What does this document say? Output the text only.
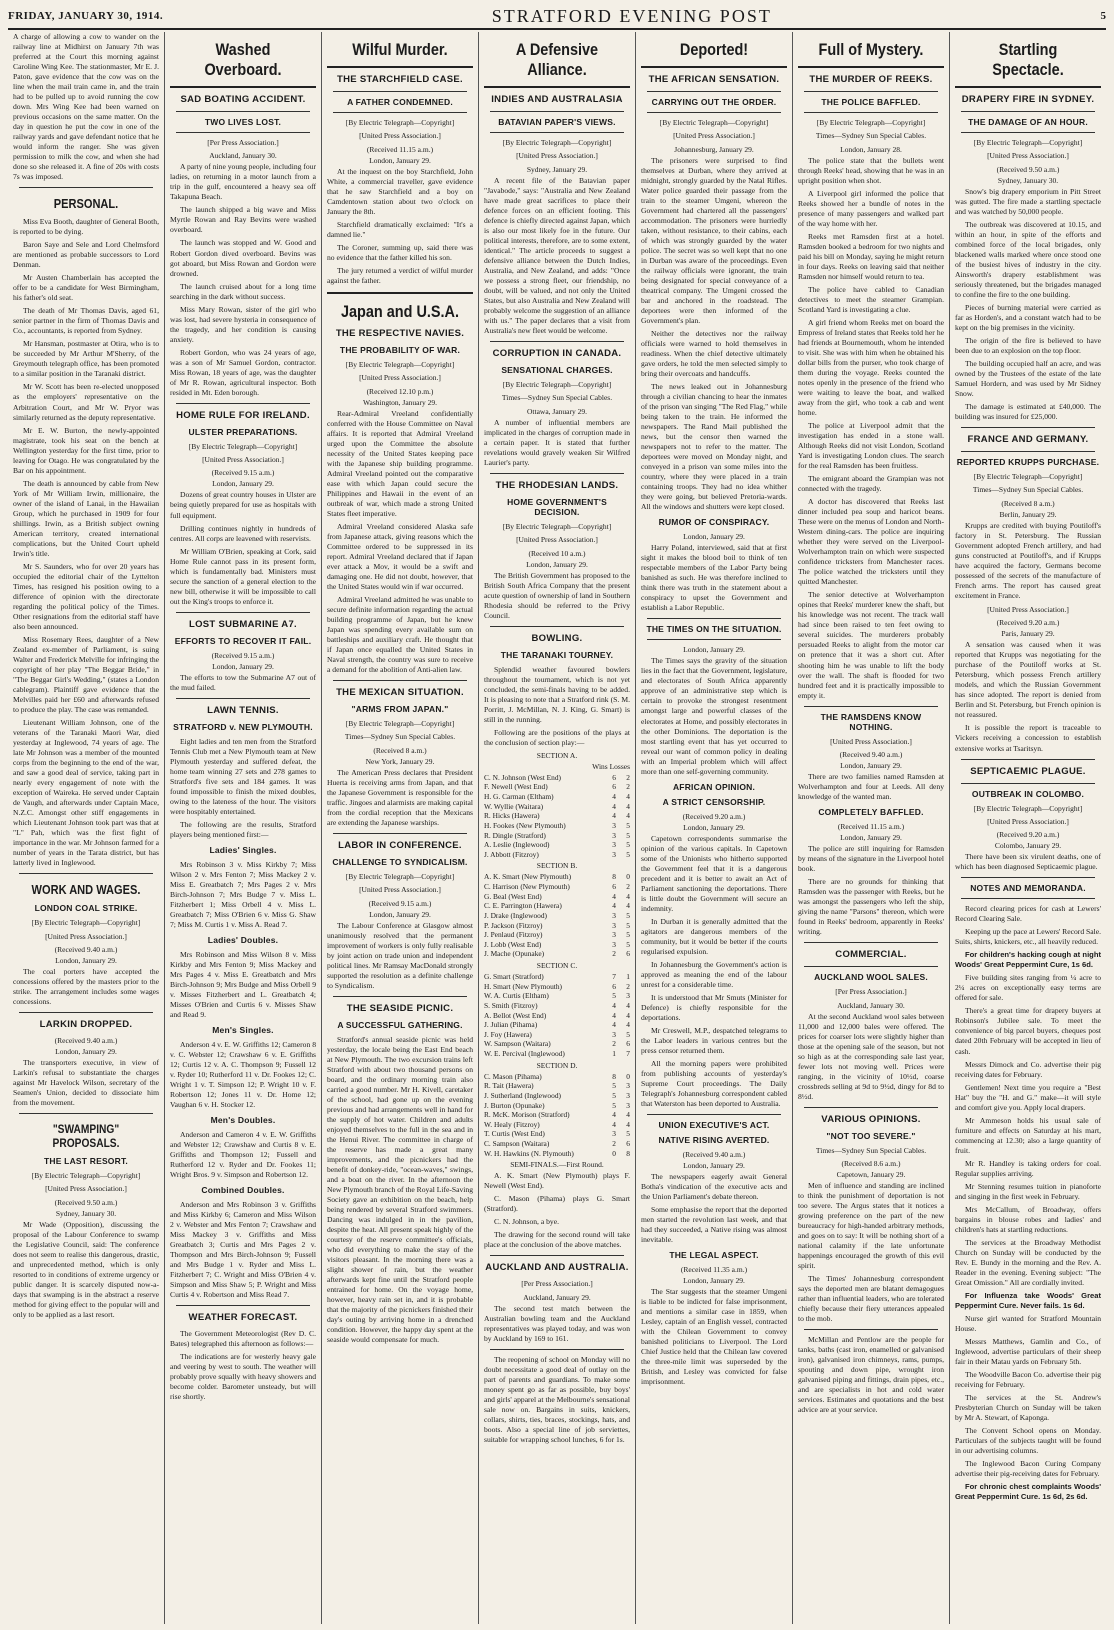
FRIDAY, JANUARY 30, 1914.	STRATFORD EVENING POST	5

A charge of allowing a cow to wander on the railway line at Midhirst on January 7th was preferred at the Court this morning against Caroline Wing Kee. The stationmaster, Mr E. J. Paton, gave evidence that the cow was on the line when the mail train came in, and the train had to be pulled up to avoid running the cow down. Mrs Wing Kee had been warned on previous occasions on the same matter. On the day in question he put the cow in one of the railway yards and gave defendant notice that he would inform the ranger. She was given permission to milk the cow, and when she had done so she released it. A fine of 20s with costs 7s was imposed.

PERSONAL.

Miss Eva Booth, daughter of General Booth, is reported to be dying.

Baron Saye and Sele and Lord Chelmsford are mentioned as probable successors to Lord Denman.

Mr Austen Chamberlain has accepted the offer to be a candidate for West Birmingham, his father's old seat.

The death of Mr Thomas Davis, aged 61, senior partner in the firm of Thomas Davis and Co., accountants, is reported from Sydney.

Mr Hansman, postmaster at Otira, who is to be succeeded by Mr Arthur M'Sherry, of the Greymouth telegraph office, has been promoted to a similar position in the Taranaki district.

Mr W. Scott has been re-elected unopposed as the employers' representative on the Arbitration Court, and Mr W. Pryor was similarly returned as the deputy representative.

Mr E. W. Burton, the newly-appointed magistrate, took his seat on the bench at Wellington yesterday for the first time, prior to leaving for Otago. He was congratulated by the Bar on his appointment.

The death is announced by cable from New York of Mr William Irwin, millionaire, the owner of the island of Lanai, in the Hawaiian Group, which he purchased in 1909 for four shillings. Irwin, as a British subject owning American territory, created international complications, but the United Court upheld Irwin's title.

Mr S. Saunders, who for over 20 years has occupied the editorial chair of the Lyttelton Times, has resigned his position owing to a difference of opinion with the directorate regarding the political policy of the Times. Other resignations from the editorial staff have also been announced.

Miss Rosemary Rees, daughter of a New Zealand ex-member of Parliament, is suing Walter and Frederick Melville for infringing the copyright of her play "The Beggar Bride," in "The Beggar Girl's Wedding," (states a London cablegram). Plaintiff gave evidence that the Melvilles paid her £60 and afterwards refused to produce the play. The case was remanded.

Lieutenant William Johnson, one of the veterans of the Taranaki Maori War, died yesterday at Inglewood, 74 years of age. The late Mr Johnson was a member of the mounted corps from the beginning to the end of the war, and saw a good deal of service, taking part in nearly every engagement of note with the exception of Waireka. He served under Captain de Vaugh, and afterwards under Captain Mace, N.Z.C. Amongst other stiff engagements in which Lieutenant Johnson took part was that at "L" Pah, which was the first fight of importance in the war. Mr Johnson farmed for a number of years in the Tarata district, but has latterly lived in Inglewood.

WORK AND WAGES.
LONDON COAL STRIKE.
[By Electric Telegraph—Copyright]
[United Press Association.]
(Received 9.40 a.m.)
London, January 29.

The coal porters have accepted the concessions offered by the masters prior to the strike. The arrangement includes some wages concessions.

LARKIN DROPPED.
(Received 9.40 a.m.)
London, January 29.

The transporters executive, in view of Larkin's refusal to substantiate the charges against Mr Havelock Wilson, secretary of the Seamen's Union, decided to dissociate him from the movement.

"SWAMPING" PROPOSALS.
THE LAST RESORT.
[By Electric Telegraph—Copyright]
[United Press Association.]
(Received 9.50 a.m.)
Sydney, January 30.

Mr Wade (Opposition), discussing the proposal of the Labour Conference to swamp the Legislative Council, said: The conference does not seem to realise this dangerous, drastic, and unprecedented method, which is only resorted to in conditions of extreme urgency or public danger. It is scarcely disputed now-a-days that swamping is in the abstract a reserve method for giving effect to the popular will and only to be applied as a last resort.

Washed Overboard.
SAD BOATING ACCIDENT.
TWO LIVES LOST.
[Per Press Association.]
Auckland, January 30.

A party of nine young people, including four ladies, on returning in a motor launch from a trip in the gulf, encountered a heavy sea off Takapuna Beach.

The launch shipped a big wave and Miss Myrtle Rowan and Ray Bevins were washed overboard.

The launch was stopped and W. Good and Robert Gordon dived overboard. Bevins was got aboard, but Miss Rowan and Gordon were drowned.

The launch cruised about for a long time searching in the dark without success.

Miss Mary Rowan, sister of the girl who was lost, had severe hysteria in consequence of the tragedy, and her condition is causing anxiety.

Robert Gordon, who was 24 years of age, was a son of Mr Samuel Gordon, contractor. Miss Rowan, 18 years of age, was the daughter of Mr R. Rowan, agricultural inspector. Both resided in Mt. Eden borough.

HOME RULE FOR IRELAND.
ULSTER PREPARATIONS.
[By Electric Telegraph—Copyright]
[United Press Association.]
(Received 9.15 a.m.)
London, January 29.

Dozens of great country houses in Ulster are being quietly prepared for use as hospitals with full equipment.

Drilling continues nightly in hundreds of centres. All corps are leavened with reservists.

Mr William O'Brien, speaking at Cork, said Home Rule cannot pass in its present form, which is fundamentally bad. Ministers must secure the sanction of a general election to the new bill, otherwise it will be impossible to call out the King's troops to enforce it.

LOST SUBMARINE A7.
EFFORTS TO RECOVER IT FAIL.
(Received 9.15 a.m.)
London, January 29.

The efforts to tow the Submarine A7 out of the mud failed.

LAWN TENNIS.
STRATFORD v. NEW PLYMOUTH.

Eight ladies and ten men from the Stratford Tennis Club met a New Plymouth team at New Plymouth yesterday and suffered defeat, the home team winning 27 sets and 278 games to Stratford's five sets and 184 games. It was found impossible to finish the mixed doubles, owing to the lateness of the hour. The visitors were hospitably entertained.

The following are the results, Stratford players being mentioned first:—

Ladies' Singles.

Mrs Robinson 3 v. Miss Kirkby 7; Miss Wilson 2 v. Mrs Fenton 7; Miss Mackey 2 v. Miss E. Greatbatch 7; Mrs Pages 2 v. Mrs Birch-Johnson 7; Mrs Budge 7 v. Miss L. Fitzherbert 1; Miss Orbell 4 v. Miss L. Greatbatch 7; Miss O'Brien 6 v. Miss G. Shaw 7; Miss M. Curtis 1 v. Miss A. Read 7.

Ladies' Doubles.

Mrs Robinson and Miss Wilson 8 v. Miss Kirkby and Mrs Fenton 9; Miss Mackey and Mrs Pages 4 v. Miss E. Greatbatch and Mrs Birch-Johnson 9; Mrs Budge and Miss Orbell 9 v. Misses Fitzherbert and L. Greatbatch 4; Misses O'Brien and Curtis 6 v. Misses Shaw and Read 9.

Men's Singles.

Anderson 4 v. E. W. Griffiths 12; Cameron 8 v. C. Webster 12; Crawshaw 6 v. E. Griffiths 12; Curtis 12 v. A. C. Thompson 9; Fussell 12 v. Ryder 10; Rutherford 11 v. Dr. Fookes 12; C. Wright 1 v. T. Simpson 12; P. Wright 10 v. F. Robertson 12; Jones 11 v. Dr. Home 12; Vaughan 6 v. H. Stocker 12.

Men's Doubles.

Anderson and Cameron 4 v. E. W. Griffiths and Webster 12; Crawshaw and Curtis 8 v. E. Griffiths and Thompson 12; Fussell and Rutherford 12 v. Ryder and Dr. Fookes 11; Wright Bros. 9 v. Simpson and Robertson 12.

Combined Doubles.

Anderson and Mrs Robinson 3 v. Griffiths and Miss Kirkby 6; Cameron and Miss Wilson 2 v. Webster and Mrs Fenton 7; Crawshaw and Miss Mackey 3 v. Griffiths and Miss Greatbatch 3; Curtis and Mrs Pages 2 v. Thompson and Mrs Birch-Johnson 9; Fussell and Mrs Budge 1 v. Ryder and Miss L. Fitzherbert 7; C. Wright and Miss O'Brien 4 v. Simpson and Miss Shaw 5; P. Wright and Miss Curtis 4 v. Robertson and Miss Read 7.

WEATHER FORECAST.

The Government Meteorologist (Rev D. C. Bates) telegraphed this afternoon as follows:—

The indications are for westerly heavy gale and veering by west to south. The weather will probably prove squally with heavy showers and become colder. Barometer unsteady, but will rise shortly.

Wilful Murder.
THE STARCHFIELD CASE.
A FATHER CONDEMNED.
[By Electric Telegraph—Copyright]
[United Press Association.]
(Received 11.15 a.m.)
London, January 29.

At the inquest on the boy Starchfield, John White, a commercial traveller, gave evidence that he saw Starchfield and a boy on Camdentown station about two o'clock on January the 8th.

Starchfield dramatically exclaimed: "It's a damned lie."

The Coroner, summing up, said there was no evidence that the father killed his son.

The jury returned a verdict of wilful murder against the father.

Japan and U.S.A.
THE RESPECTIVE NAVIES.
THE PROBABILITY OF WAR.
[By Electric Telegraph—Copyright]
[United Press Association.]
(Received 12.10 p.m.)
Washington, January 29.

Rear-Admiral Vreeland confidentially conferred with the House Committee on Naval affairs. It is reported that Admiral Vreeland urged upon the Committee the absolute necessity of the United States keeping pace with the Japanese ship building programme. Admiral Vreeland pointed out the comparative ease with which Japan could secure the Philippines and Hawaii in the event of an outbreak of war, which made a strong United States fleet imperative.

Admiral Vreeland considered Alaska safe from Japanese attack, giving reasons which the Committee ordered to be suppressed in its report. Admiral Vreeland declared that if Japan ever attack a Mov, it would be a swift and damaging one. He did not doubt, however, that the United States would win if war occurred.

Admiral Vreeland admitted he was unable to secure definite information regarding the actual building programme of Japan, but he knew Japan was spending every available sum on battleships and auxiliary craft. He thought that if Japan once equalled the United States in Naval strength, the country was sure to receive a demand for the abolition of Anti-alien law.

THE MEXICAN SITUATION.
"ARMS FROM JAPAN."
[By Electric Telegraph—Copyright]
Times—Sydney Sun Special Cables.
(Received 8 a.m.)
New York, January 29.

The American Press declares that President Huerta is receiving arms from Japan, and that the Japanese Government is responsible for the traffic. Jingoes and alarmists are making capital from the cordial reception that the Mexicans are extending the Japanese warships.

LABOR IN CONFERENCE.
CHALLENGE TO SYNDICALISM.
[By Electric Telegraph—Copyright]
[United Press Association.]
(Received 9.15 a.m.)
London, January 29.

The Labour Conference at Glasgow almost unanimously resolved that the permanent improvement of workers is only fully realisable by joint action on trade union and independent political lines. Mr Ramsay MacDonald strongly supported the resolution as a definite challenge to Syndicalism.

THE SEASIDE PICNIC.
A SUCCESSFUL GATHERING.

Stratford's annual seaside picnic was held yesterday, the locale being the East End beach at New Plymouth. The two excursion trains left Stratford with about two thousand persons on board, and the ordinary morning train also carried a good number. Mr H. Kivell, caretaker of the school, had gone up on the evening previous and had arrangements well in hand for the supply of hot water. Children and adults enjoyed themselves to the full in the sea and in the Henui River. The committee in charge of the reserve has made a great many improvements, and the picnickers had the benefit of donkey-ride, "ocean-waves," swings, and a boat on the river. In the afternoon the New Plymouth branch of the Royal Life-Saving Society gave an exhibition on the beach, help being rendered by several Stratford swimmers. Dancing was indulged in in the pavilion, despite the heat. All present speak highly of the courtesy of the reserve committee's officials, who did everything to make the stay of the visitors pleasant. In the morning there was a slight shower of rain, but the weather afterwards kept fine until the Stratford people entrained for home. On the voyage home, however, heavy rain set in, and it is probable that the majority of the picnickers finished their day's outing by arriving home in a drenched condition. However, the happy day spent at the seaside would compensate for much.

A Defensive Alliance.
INDIES AND AUSTRALASIA
BATAVIAN PAPER'S VIEWS.
[By Electric Telegraph—Copyright]
[United Press Association.]
Sydney, January 29.

A recent file of the Batavian paper "Javabode," says: "Australia and New Zealand have made great sacrifices to place their defence forces on an efficient footing. This defence is chiefly directed against Japan, which is also our most likely foe in the future. Our political interests, therefore, are to some extent, identical." The article proceeds to suggest a defensive alliance between the Dutch Indies, Australia, and New Zealand, and adds: "Once we possess a strong fleet, our friendship, no doubt, will be valued, and not only the United States, but also Australia and New Zealand will probably welcome the suggestion of an alliance with us." The paper declares that a visit from Australia's new fleet would be welcome.

CORRUPTION IN CANADA.
SENSATIONAL CHARGES.
[By Electric Telegraph—Copyright]
Times—Sydney Sun Special Cables.
Ottawa, January 29.

A number of influential members are implicated in the charges of corruption made in a certain paper. It is stated that further revelations would gravely weaken Sir Wilfred Laurier's party.

THE RHODESIAN LANDS.
HOME GOVERNMENT'S DECISION.
[By Electric Telegraph—Copyright]
[United Press Association.]
(Received 10 a.m.)
London, January 29.

The British Government has proposed to the British South Africa Company that the present acute question of ownership of land in Southern Rhodesia should be referred to the Privy Council.

BOWLING.
THE TARANAKI TOURNEY.

Splendid weather favoured bowlers throughout the tournament, which is not yet concluded, the semi-finals having to be added. It is pleasing to note that a Stratford rink (S. M. Porritt, J. McMillan, N. J. King, G. Smart) is still in the running.

Following are the positions of the plays at the conclusion of section play:—

SECTION A.
Wins Losses
C. N. Johnson (West End)	6	2
F. Newell (West End)	6	2
H. G. Carman (Eltham)	4	4
W. Wyllie (Waitara)	4	4
R. Hicks (Hawera)	4	4
H. Fookes (New Plymouth)	3	5
R. Dingle (Stratford)	3	5
A. Leslie (Inglewood)	3	5
J. Abbott (Fitzroy)	3	5
SECTION B.
A. K. Smart (New Plymouth)	8	0
C. Harrison (New Plymouth)	6	2
G. Beal (West End)	4	4
C. E. Parrington (Hawera)	4	4
J. Drake (Inglewood)	3	5
P. Jackson (Fitzroy)	3	5
J. Penlaud (Fitzroy)	3	5
J. Lobb (West End)	3	5
J. Mache (Opunake)	2	6
SECTION C.
G. Smart (Stratford)	7	1
H. Smart (New Plymouth)	6	2
W. A. Curtis (Eltham)	5	3
S. Smith (Fitzroy)	4	4
A. Bellot (West End)	4	4
J. Julian (Pihama)	4	4
J. Foy (Hawera)	3	5
W. Sampson (Waitara)	2	6
W. E. Percival (Inglewood)	1	7
SECTION D.
C. Mason (Pihama)	8	0
R. Tait (Hawera)	5	3
J. Sutherland (Inglewood)	5	3
J. Burton (Opunake)	5	3
R. McK. Morison (Stratford)	4	4
W. Healy (Fitzroy)	4	4
T. Curtis (West End)	3	5
C. Sampson (Waitara)	2	6
W. H. Hawkins (N. Plymouth)	0	8
SEMI-FINALS.—First Round.

A. K. Smart (New Plymouth) plays F. Newell (West End).

C. Mason (Pihama) plays G. Smart (Stratford).

C. N. Johnson, a bye.

The drawing for the second round will take place at the conclusion of the above matches.

AUCKLAND AND AUSTRALIA.
[Per Press Association.]
Auckland, January 29.

The second test match between the Australian bowling team and the Auckland representatives was played today, and was won by Auckland by 169 to 161.

The reopening of school on Monday will no doubt necessitate a good deal of outlay on the part of parents and guardians. To make some money spent go as far as possible, buy boys' and girls' apparel at the Melbourne's sensational sale now on. Bargains in suits, knickers, collars, shirts, ties, braces, stockings, hats, and boots. Also a special line of job serviettes, suitable for wrapping school lunches, 6 for 1s.

Deported!
THE AFRICAN SENSATION.
CARRYING OUT THE ORDER.
[By Electric Telegraph—Copyright]
[United Press Association.]
Johannesburg, January 29.

The prisoners were surprised to find themselves at Durban, where they arrived at midnight, strongly guarded by the Natal Rifles. Water police guarded their passage from the train to the steamer Umgeni, whereon the Government had chartered all the passengers' accommodation. The prisoners were hurriedly taken, without resistance, to their cabins, each of which was strongly guarded by the water police. The secret was so well kept that no one in Durban was aware of the proceedings. Even the railway officials were ignorant, the train being designated for special conveyance of a theatrical company. The Umgeni crossed the bar and anchored in the roadstead. The deportees were then informed of the Government's plan.

Neither the detectives nor the railway officials were warned to hold themselves in readiness. When the chief detective ultimately gave orders, he told the men selected simply to bring their overcoats and handcuffs.

The news leaked out in Johannesburg through a civilian chancing to hear the inmates of the prison van singing "The Red Flag," while being taken to the train. He informed the newspapers. The Rand Mail published the news, but the censor then warned the newspapers not to refer to the matter. The deportees were moved on Monday night, and conveyed in a prison van some miles into the country, where they were placed in a train containing troops. They had no idea whither they were going, but believed Pretoria-wards. All the windows and shutters were kept closed.

RUMOR OF CONSPIRACY.
London, January 29.

Harry Poland, interviewed, said that at first sight it makes the blood boil to think of ten respectable members of the Labor Party being banished as such. He was therefore inclined to think there was truth in the statement about a conspiracy to upset the Government and establish a Labor Republic.

THE TIMES ON THE SITUATION.
London, January 29.

The Times says the gravity of the situation lies in the fact that the Government, legislature, and electorates of South Africa apparently approve of an administrative step which is certain to provoke the strongest resentment amongst large and powerful classes of the electorates at Home, and possibly electorates in the other Dominions. The deportation is the most startling event that has yet occurred to reveal our want of common policy in dealing with an Imperial problem which will affect more than one self-governing community.

AFRICAN OPINION.
A STRICT CENSORSHIP.
(Received 9.20 a.m.)
London, January 29.

Capetown correspondents summarise the opinion of the various capitals. In Capetown some of the Unionists who hitherto supported the Government feel that it is a dangerous precedent and it is better to await an Act of Parliament sanctioning the deportations. There is little doubt the Government will secure an indemnity.

In Durban it is generally admitted that the agitators are dangerous members of the community, but it would be better if the courts regularised expulsion.

In Johannesburg the Government's action is approved as meaning the end of the labour unrest for a considerable time.

It is understood that Mr Smuts (Minister for Defence) is chiefly responsible for the deportations.

Mr Creswell, M.P., despatched telegrams to the Labor leaders in various centres but the press censor returned them.

All the morning papers were prohibited from publishing accounts of yesterday's Supreme Court proceedings. The Daily Telegraph's Johannesburg correspondent cabled that Waterston has been deported to Australia.

UNION EXECUTIVE'S ACT.
NATIVE RISING AVERTED.
(Received 9.40 a.m.)
London, January 29.

The newspapers eagerly await General Botha's vindication of the executive acts and the Union Parliament's debate thereon.

Some emphasise the report that the deported men started the revolution last week, and that had they succeeded, a Native rising was almost inevitable.

THE LEGAL ASPECT.
(Received 11.35 a.m.)
London, January 29.

The Star suggests that the steamer Umgeni is liable to be indicted for false imprisonment, and mentions a similar case in 1859, when Lesley, captain of an English vessel, contracted with the Chilean Government to convey banished politicians to Liverpool. The Lord Chief Justice held that the Chilean law covered the three-mile limit was superseded by the British, and Lesley was convicted for false imprisonment.

Full of Mystery.
THE MURDER OF REEKS.
THE POLICE BAFFLED.
[By Electric Telegraph—Copyright]
Times—Sydney Sun Special Cables.
London, January 28.

The police state that the bullets went through Reeks' head, showing that he was in an upright position when shot.

A Liverpool girl informed the police that Reeks showed her a bundle of notes in the presence of many passengers and walked part of the way home with her.

Reeks met Ramsden first at a hotel. Ramsden booked a bedroom for two nights and paid his bill on Monday, saying he might return in four days. Reeks on leaving said that neither Ramsden nor himself would return to tea.

The police have cabled to Canadian detectives to meet the steamer Grampian. Scotland Yard is investigating a clue.

A girl friend whom Reeks met on board the Empress of Ireland states that Reeks told her he had friends at Bournemouth, whom he intended to visit. She was with him when he obtained his dollar bills from the purser, who took charge of them during the voyage. Reeks counted the notes openly in the presence of the friend who were waiting to leave the boat, and walked away from the girl, who took a cab and went home.

The police at Liverpool admit that the investigation has ended in a stone wall. Although Reeks did not visit London, Scotland Yard is investigating London clues. The search for the real Ramsden has been fruitless.

The emigrant aboard the Grampian was not connected with the tragedy.

A doctor has discovered that Reeks last dinner included pea soup and haricot beans. These were on the menus of London and North-Western dining-cars. The police are inquiring whether they were served on the Liverpool-Wolverhampton train on which were suspected confidence tricksters from Manchester races. The police watched the tricksters until they quitted Manchester.

The senior detective at Wolverhampton opines that Reeks' murderer knew the shaft, but his knowledge was not recent. The track wall had since been raised to ten feet owing to several suicides. The murderers probably persuaded Reeks to alight from the motor car on pretence that it was a short cut. After shooting him he was unable to lift the body over the wall. The shaft is flooded for two hundred feet and it is practically impossible to empty it.

THE RAMSDENS KNOW NOTHING.
[United Press Association.]
(Received 9.40 a.m.)
London, January 29.

There are two families named Ramsden at Wolverhampton and four at Leeds. All deny knowledge of the wanted man.

COMPLETELY BAFFLED.
(Received 11.15 a.m.)
London, January 29.

The police are still inquiring for Ramsden by means of the signature in the Liverpool hotel book.

There are no grounds for thinking that Ramsden was the passenger with Reeks, but he was amongst the passengers who left the ship, giving the name "Parsons" thereon, which were found in Reeks' bedroom, apparently in Reeks' writing.

COMMERCIAL.
AUCKLAND WOOL SALES.
[Per Press Association.]
Auckland, January 30.

At the second Auckland wool sales between 11,000 and 12,000 bales were offered. The prices for coarser lots were slightly higher than those at the opening sale of the season, but not so high as at the corresponding sale last year, fewer lots not moving well. Prices were ranging, in the vicinity of 10½d, coarse crossbreds selling at 9d to 9½d, dingy for 8d to 8½d.

VARIOUS OPINIONS.
"NOT TOO SEVERE."
Times—Sydney Sun Special Cables.
(Received 8.6 a.m.)
Capetown, January 29.

Men of influence and standing are inclined to think the punishment of deportation is not too severe. The Argus states that it notices a growing preference on the part of the new bureaucracy for high-handed arbitrary methods, and goes on to say: It will be nothing short of a national calamity if the late unfortunate happenings encouraged the growth of this evil spirit.

The Times' Johannesburg correspondent says the deported men are blatant demagogues rather than influential leaders, who are tolerated chiefly because their fiery utterances appealed to the mob.

McMillan and Pentlow are the people for tanks, baths (cast iron, enamelled or galvanised iron), galvanised iron chimneys, rams, pumps, spouting and down pipe, wrought iron galvanised piping and fittings, drain pipes, etc., and are specialists in hot and cold water services. Estimates and quotations and the best advice are at your service.

Startling Spectacle.
DRAPERY FIRE IN SYDNEY.
THE DAMAGE OF AN HOUR.
[By Electric Telegraph—Copyright]
[United Press Association.]
(Received 9.50 a.m.)
Sydney, January 30.

Snow's big drapery emporium in Pitt Street was gutted. The fire made a startling spectacle and was watched by 50,000 people.

The outbreak was discovered at 10.15, and within an hour, in spite of the efforts and combined force of the local brigades, only blackened walls marked where once stood one of the busiest hives of industry in the city. Ainsworth's drapery establishment was seriously threatened, but the brigades managed to confine the fire to the one building.

Pieces of burning material were carried as far as Horden's, and a constant watch had to be kept on the big premises in the vicinity.

The origin of the fire is believed to have been due to an explosion on the top floor.

The building occupied half an acre, and was owned by the Trustees of the estate of the late Samuel Hordern, and was used by Mr Sidney Snow.

The damage is estimated at £40,000. The building was insured for £25,000.

FRANCE AND GERMANY.
REPORTED KRUPPS PURCHASE.
[By Electric Telegraph—Copyright]
Times—Sydney Sun Special Cables.
(Received 8 a.m.)
Berlin, January 29.

Krupps are credited with buying Poutiloff's factory in St. Petersburg. The Russian Government adopted French artillery, and had guns constructed at Poutiloff's, and if Krupps have acquired the factory, Germans become possessed of the secrets of the manufacture of French arms. The report has caused great excitement in France.

[United Press Association.]
(Received 9.20 a.m.)
Paris, January 29.

A sensation was caused when it was reported that Krupps was negotiating for the purchase of the Poutiloff works at St. Petersburg, which possess French artillery models, and which the Russian Government has since adopted. The report is denied from Berlin and St. Petersburg, but French opinion is not reassured.

It is possible the report is traceable to Vickers receiving a concession to establish extensive works at Tsaritsyn.

SEPTICAEMIC PLAGUE.
OUTBREAK IN COLOMBO.
[By Electric Telegraph—Copyright]
[United Press Association.]
(Received 9.20 a.m.)
Colombo, January 29.

There have been six virulent deaths, one of which has been diagnosed Septicaemic plague.

NOTES AND MEMORANDA.

Record clearing prices for cash at Lewers' Record Clearing Sale.

Keeping up the pace at Lewers' Record Sale. Suits, shirts, knickers, etc., all heavily reduced.

For children's hacking cough at night Woods' Great Peppermint Cure, 1s 6d.

Five building sites ranging from ¼ acre to 2¼ acres on exceptionally easy terms are offered for sale.

There's a great time for drapery buyers at Robinson's Jubilee sale. To meet the convenience of big parcel buyers, cheques post dated 20th February will be accepted in lieu of cash.

Messrs Dimock and Co. advertise their pig receiving dates for February.

Gentlemen! Next time you require a "Best Hat" buy the "H. and G." make—it will style and comfort give you. Apply local drapers.

Mr Ammeson holds his usual sale of furniture and effects on Saturday at his mart, commencing at 12.30; also a large quantity of fruit.

Mr R. Handley is taking orders for coal. Regular supplies arriving.

Mr Stenning resumes tuition in pianoforte and singing in the first week in February.

Mrs McCallum, of Broadway, offers bargains in blouse robes and ladies' and children's hats at startling reductions.

The services at the Broadway Methodist Church on Sunday will be conducted by the Rev. E. Bundy in the morning and the Rev. A. Reader in the evening. Evening subject: "The Great Omission." All are cordially invited.

For Influenza take Woods' Great Peppermint Cure. Never fails. 1s 6d.

Nurse girl wanted for Stratford Mountain House.

Messrs Matthews, Gamlin and Co., of Inglewood, advertise particulars of their sheep fair in their Matau yards on February 5th.

The Woodville Bacon Co. advertise their pig receiving for February.

The services at the St. Andrew's Presbyterian Church on Sunday will be taken by Mr A. Stewart, of Kaponga.

The Convent School opens on Monday. Particulars of the subjects taught will be found in our advertising columns.

The Inglewood Bacon Curing Company advertise their pig-receiving dates for February.

For chronic chest complaints Woods' Great Peppermint Cure. 1s 6d, 2s 6d.
